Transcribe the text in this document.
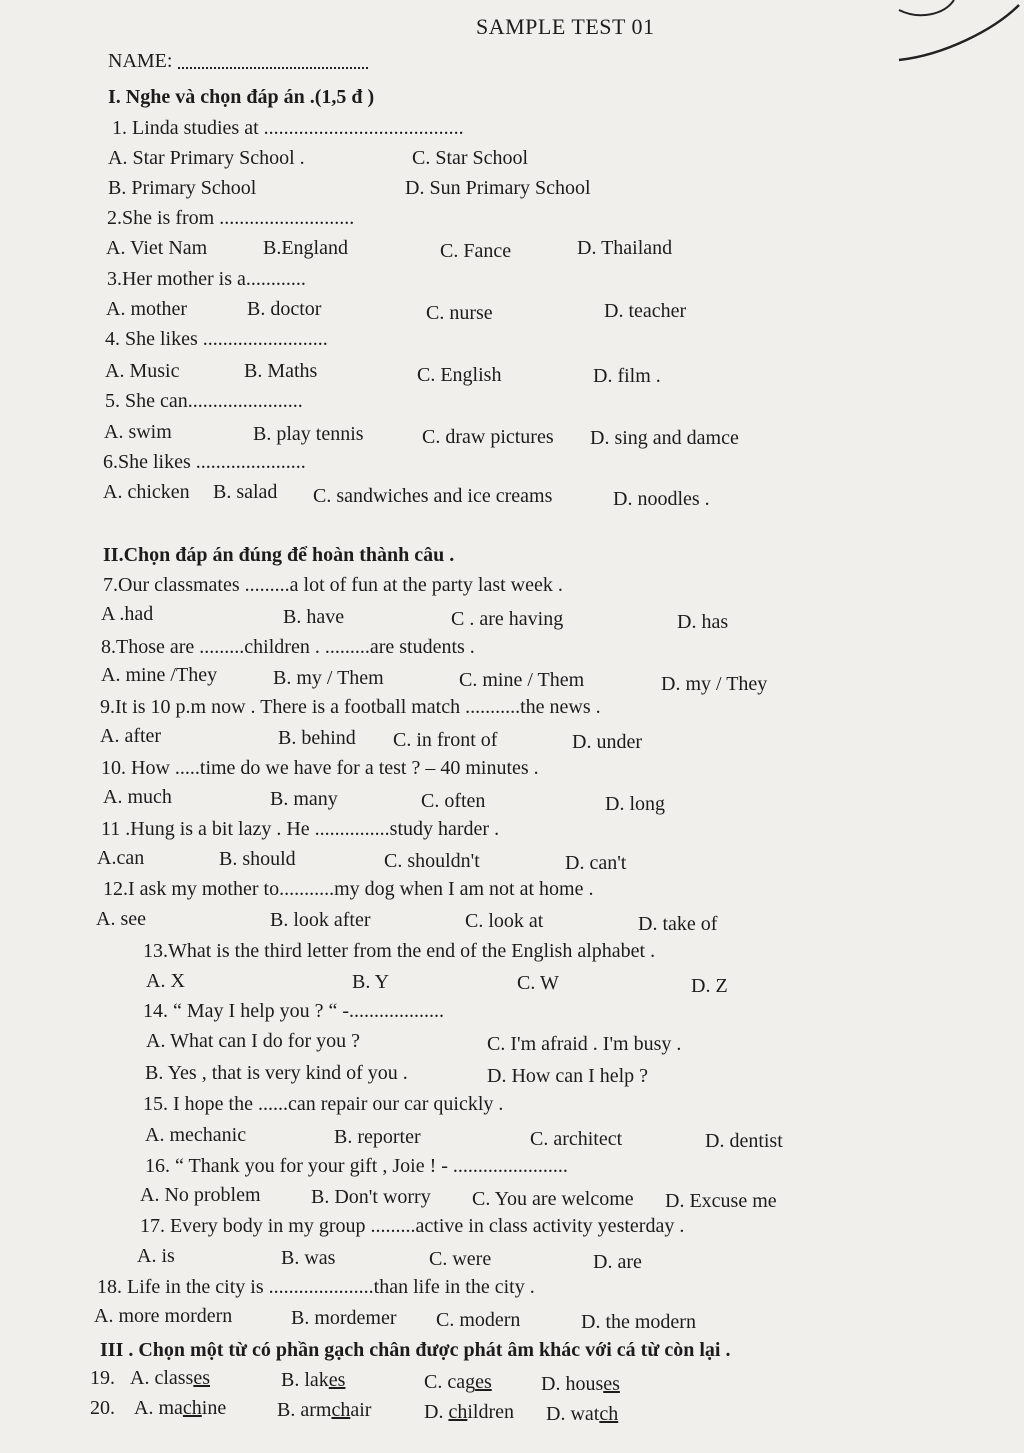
SAMPLE TEST 01
NAME:
I. Nghe và chọn đáp án .(1,5 đ )
1. Linda studies at ........................................
A. Star Primary School .	C. Star School
B. Primary School	D. Sun Primary School
2.She is from ...........................
A. Viet Nam	B.England	C. Fance	D. Thailand
3.Her mother is a............
A. mother	B. doctor	C. nurse	D. teacher
4. She likes .........................
A. Music	B. Maths	C. English	D. film .
5. She can.......................
A. swim	B. play tennis	C. draw pictures D. sing and damce
6.She likes ......................
A. chicken B. salad C. sandwiches and ice creams	D. noodles .
II.Chọn đáp án đúng để hoàn thành câu .
7.Our classmates .........a lot of fun at the party last week .
A .had	B. have	C . are having	D. has
8.Those are .........children . .........are students .
A. mine /They	B. my / Them	C. mine / Them	D. my / They
9.It is 10 p.m now . There is a football match ...........the news .
A. after	B. behind C. in front of	D. under
10. How .....time do we have for a test ? – 40 minutes .
A. much	B. many	C. often	D. long
11 .Hung is a bit lazy . He ...............study harder .
A.can	B. should	C. shouldn't	D. can't
12.I ask my mother to...........my dog when I am not at home .
A. see	B. look after	C. look at	D. take of
13.What is the third letter from the end of the English alphabet .
A. X	B. Y	C. W	D. Z
14. “ May I help you ? “ -...................
A. What can I do for you ?	C. I'm afraid . I'm busy .
B. Yes , that is very kind of you .	D. How can I help ?
15. I hope the ......can repair our car quickly .
A. mechanic	B. reporter	C. architect	D. dentist
16. “ Thank you for your gift , Joie ! - .......................
A. No problem	B. Don't worry C. You are welcome D. Excuse me
17. Every body in my group .........active in class activity yesterday .
A. is	B. was	C. were	D. are
18. Life in the city is .....................than life in the city .
A. more mordern	B. mordemer C. modern	D. the modern
III . Chọn một từ có phần gạch chân được phát âm khác với cá từ còn lại .
19. A. classes	B. lakes	C. cages D. houses
20. A. machine	B. armchair	D. children D. watch
